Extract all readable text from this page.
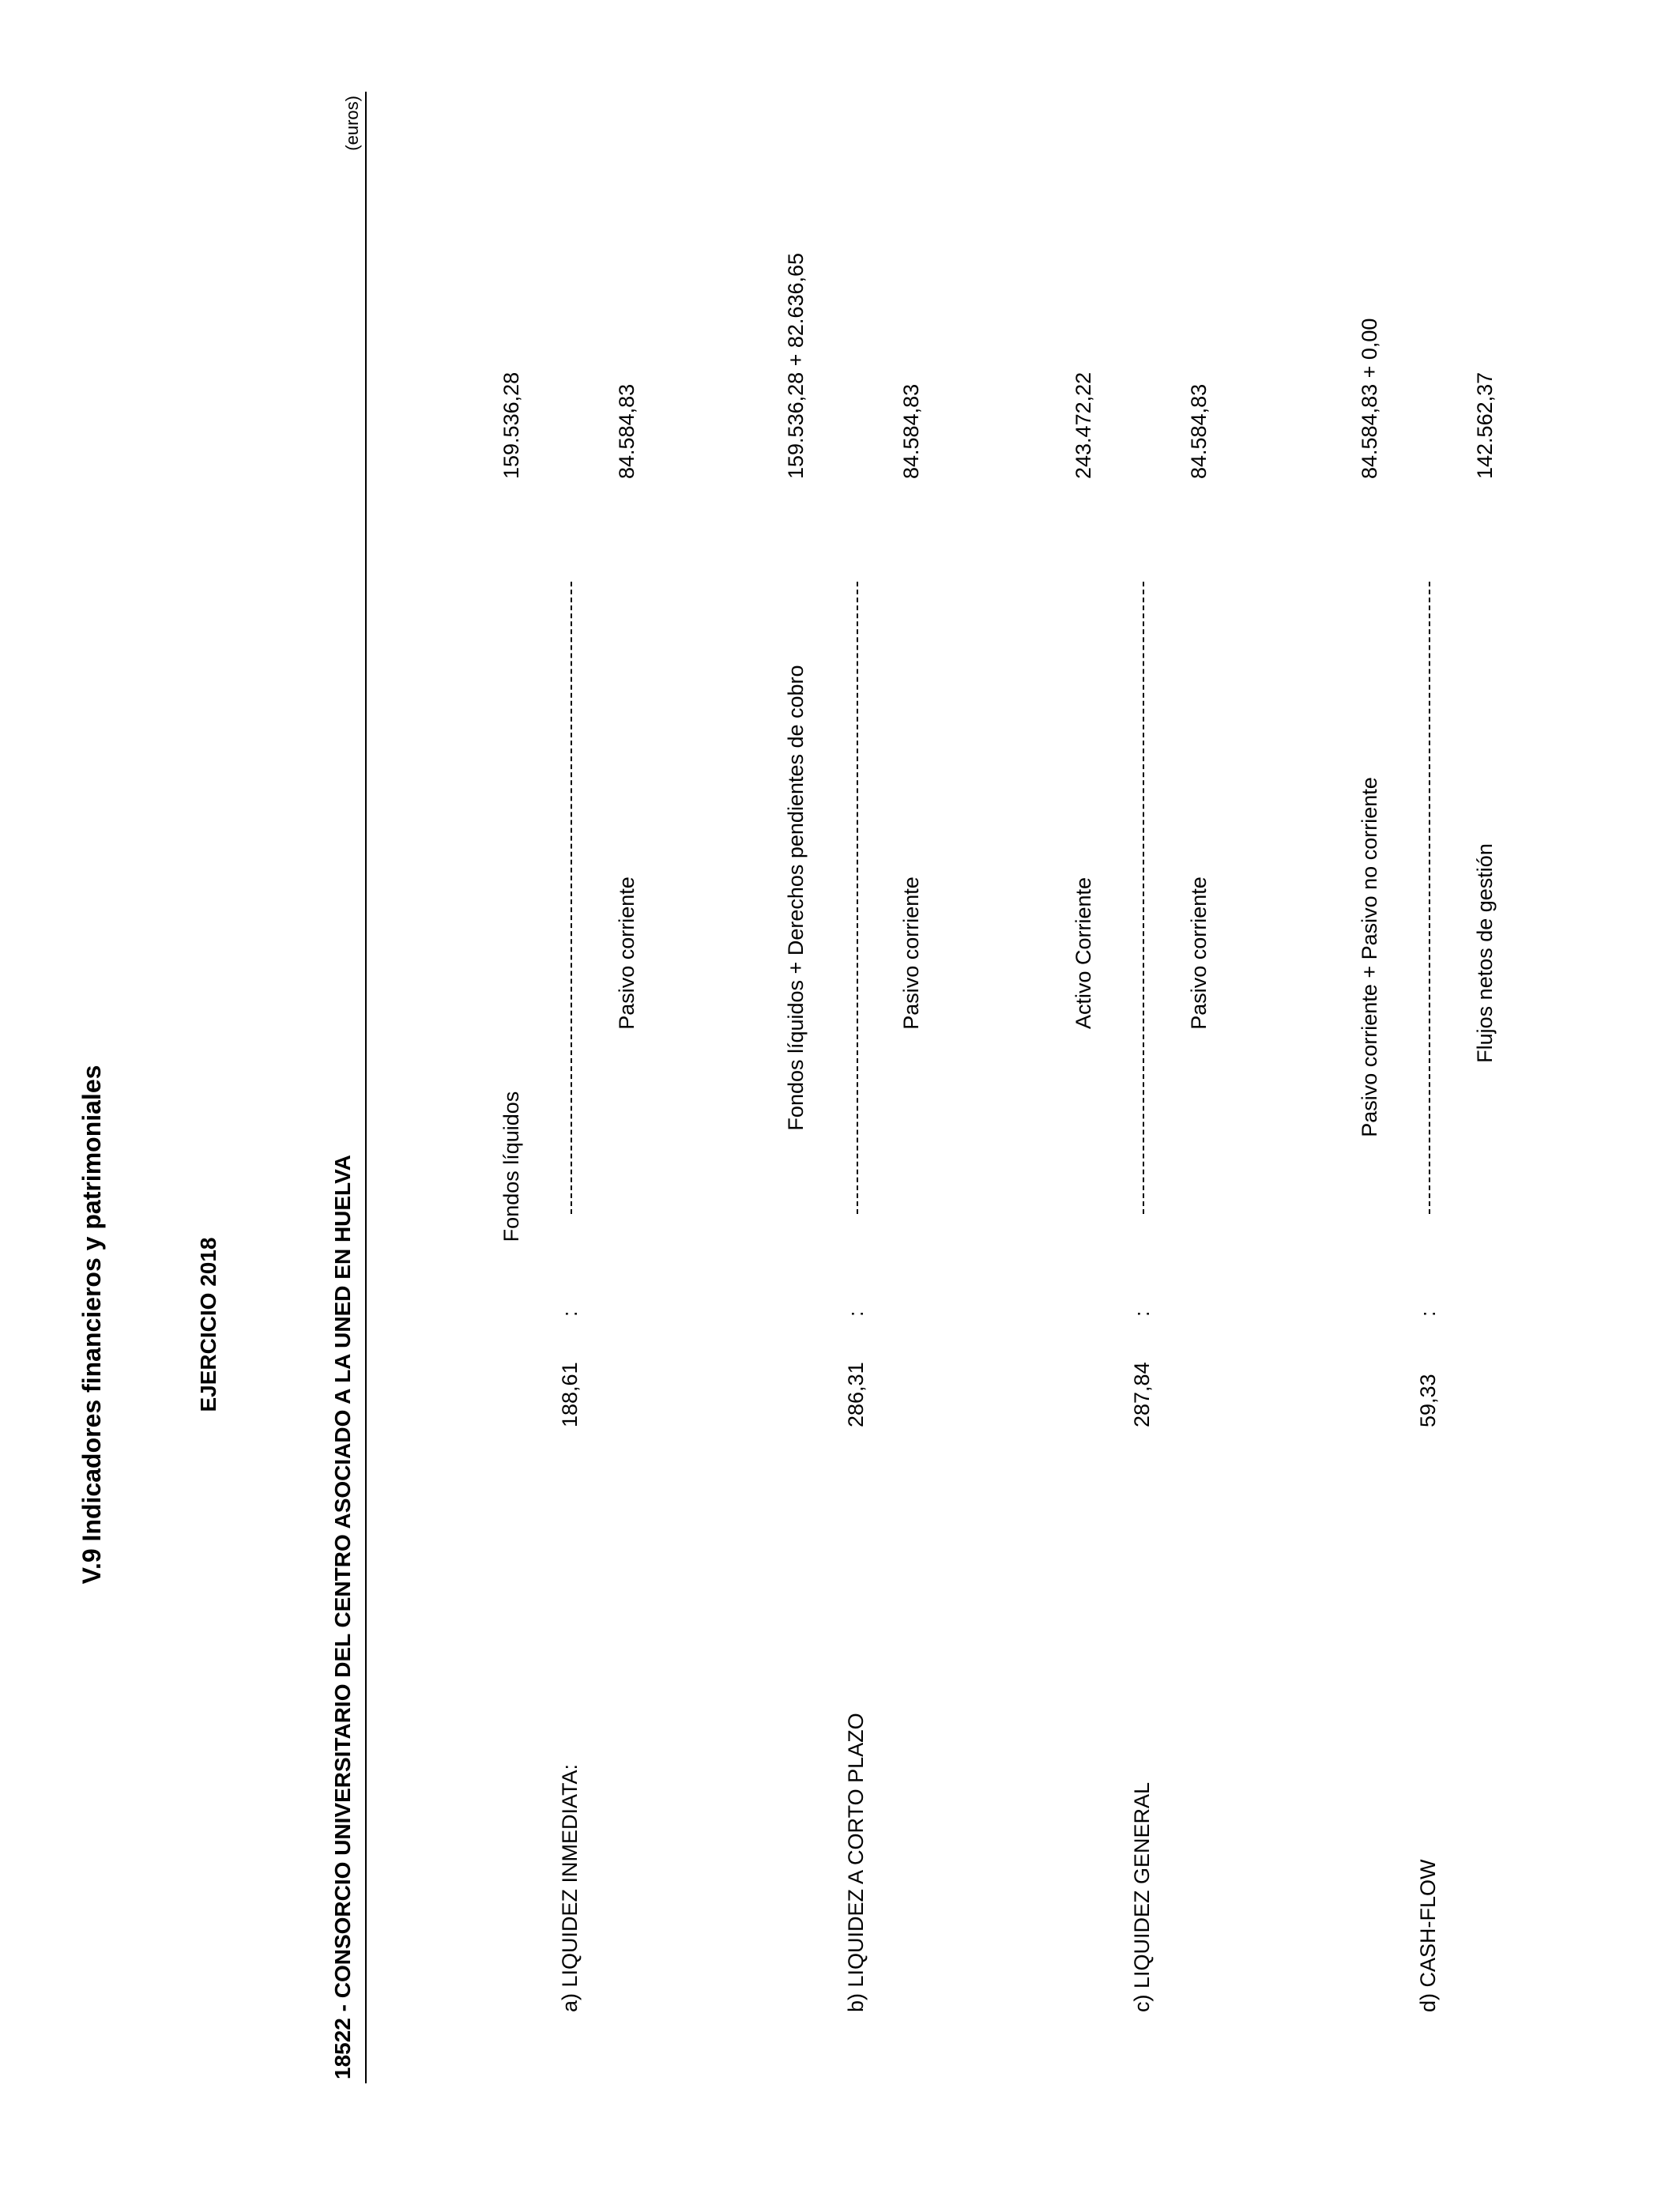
V.9 Indicadores financieros y patrimoniales	EJERCICIO 2018	18522 - CONSORCIO UNIVERSITARIO DEL CENTRO ASOCIADO A LA UNED EN HUELVA
(euros)
Fondos líquidos
159.536,28
a) LIQUIDEZ INMEDIATA:
188,61
:
Pasivo corriente
84.584,83
Fondos líquidos + Derechos pendientes de cobro
159.536,28 + 82.636,65
b) LIQUIDEZ A CORTO PLAZO
286,31
:
Pasivo corriente
84.584,83
Activo Corriente
243.472,22
c) LIQUIDEZ GENERAL
287,84
:
Pasivo corriente
84.584,83
Pasivo corriente + Pasivo no corriente
84.584,83 + 0,00
d) CASH-FLOW
59,33
:
Flujos netos de gestión
142.562,37
